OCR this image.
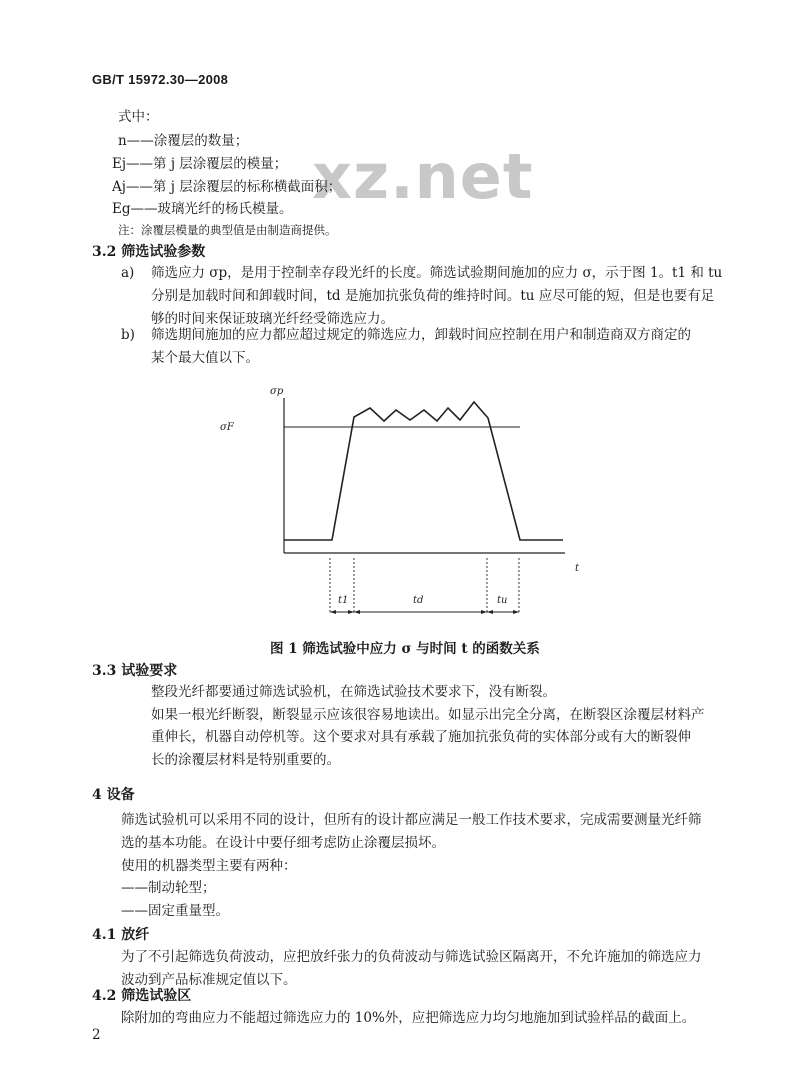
GB/T 15972.30—2008
xz.net
式中：
n——涂覆层的数量；
Ej——第 j 层涂覆层的模量；
Aj——第 j 层涂覆层的标称横截面积；
Eg——玻璃光纤的杨氏模量。
注：涂覆层模量的典型值是由制造商提供。
3.2 筛选试验参数
a) 筛选应力 σp，是用于控制幸存段光纤的长度。筛选试验期间施加的应力 σ，示于图 1。t1 和 tu
分别是加载时间和卸载时间，td 是施加抗张负荷的维持时间。tu 应尽可能的短，但是也要有足
够的时间来保证玻璃光纤经受筛选应力。
b) 筛选期间施加的应力都应超过规定的筛选应力，卸载时间应控制在用户和制造商双方商定的
某个最大值以下。
σp
σF
t
t1	td	tu
图 1 筛选试验中应力 σ 与时间 t 的函数关系
3.3 试验要求
整段光纤都要通过筛选试验机，在筛选试验技术要求下，没有断裂。
如果一根光纤断裂，断裂显示应该很容易地读出。如显示出完全分离，在断裂区涂覆层材料产
重伸长，机器自动停机等。这个要求对具有承载了施加抗张负荷的实体部分或有大的断裂伸
长的涂覆层材料是特别重要的。
4 设备
筛选试验机可以采用不同的设计，但所有的设计都应满足一般工作技术要求，完成需要测量光纤筛
选的基本功能。在设计中要仔细考虑防止涂覆层损坏。
使用的机器类型主要有两种：
——制动轮型；
——固定重量型。
4.1 放纤
为了不引起筛选负荷波动，应把放纤张力的负荷波动与筛选试验区隔离开，不允许施加的筛选应力
波动到产品标准规定值以下。
4.2 筛选试验区
除附加的弯曲应力不能超过筛选应力的 10%外，应把筛选应力均匀地施加到试验样品的截面上。
2
